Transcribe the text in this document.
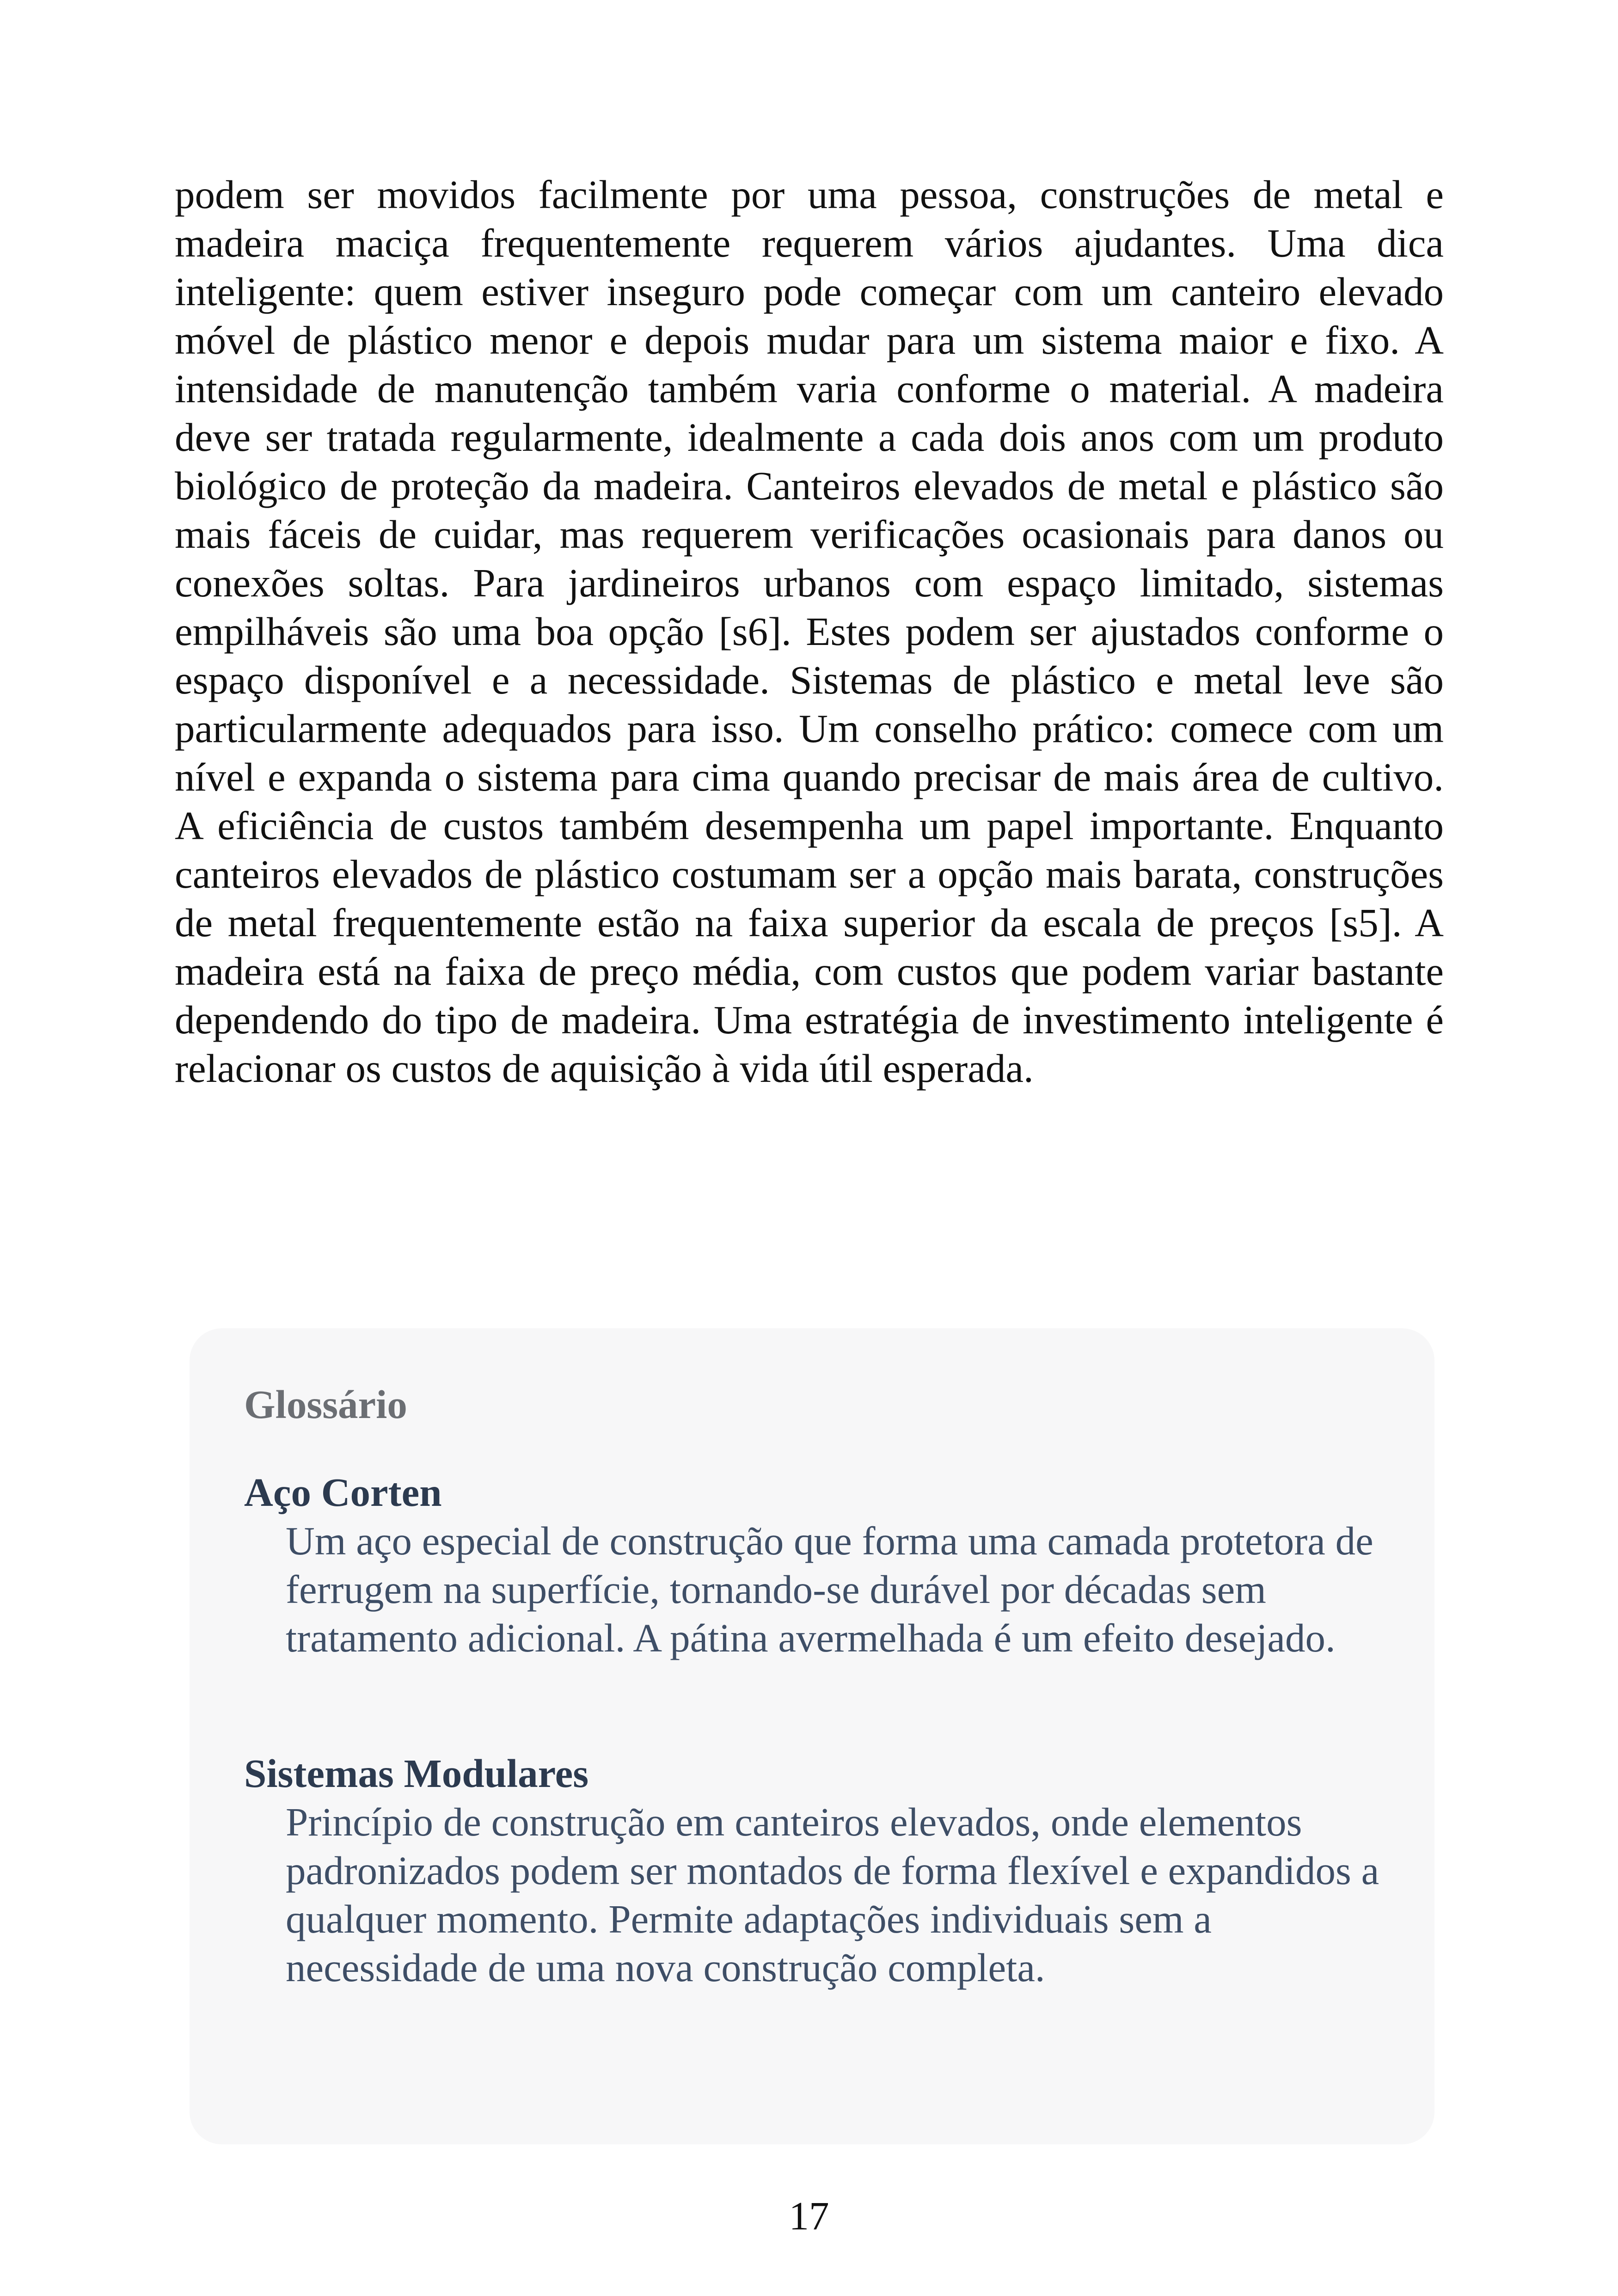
podem ser movidos facilmente por uma pessoa, construções de metal e madeira maciça frequentemente requerem vários ajudantes. Uma dica inteligente: quem estiver inseguro pode começar com um canteiro elevado móvel de plástico menor e depois mudar para um sistema maior e fixo. A intensidade de manutenção também varia conforme o material. A madeira deve ser tratada regularmente, idealmente a cada dois anos com um produto biológico de proteção da madeira. Canteiros elevados de metal e plástico são mais fáceis de cuidar, mas requerem verificações ocasionais para danos ou conexões soltas. Para jardineiros urbanos com espaço limitado, sistemas empilháveis são uma boa opção [s6]. Estes podem ser ajustados conforme o espaço disponível e a necessidade. Sistemas de plástico e metal leve são particularmente adequados para isso. Um conselho prático: comece com um nível e expanda o sistema para cima quando precisar de mais área de cultivo. A eficiência de custos também desempenha um papel importante. Enquanto canteiros elevados de plástico costumam ser a opção mais barata, construções de metal frequentemente estão na faixa superior da escala de preços [s5]. A madeira está na faixa de preço média, com custos que podem variar bastante dependendo do tipo de madeira. Uma estratégia de investimento inteligente é relacionar os custos de aquisição à vida útil esperada.

Glossário
Aço Corten

Um aço especial de construção que forma uma camada protetora de ferrugem na superfície, tornando-se durável por décadas sem tratamento adicional. A pátina avermelhada é um efeito desejado.

Sistemas Modulares

Princípio de construção em canteiros elevados, onde elementos padronizados podem ser montados de forma flexível e expandidos a qualquer momento. Permite adaptações individuais sem a necessidade de uma nova construção completa.

17
